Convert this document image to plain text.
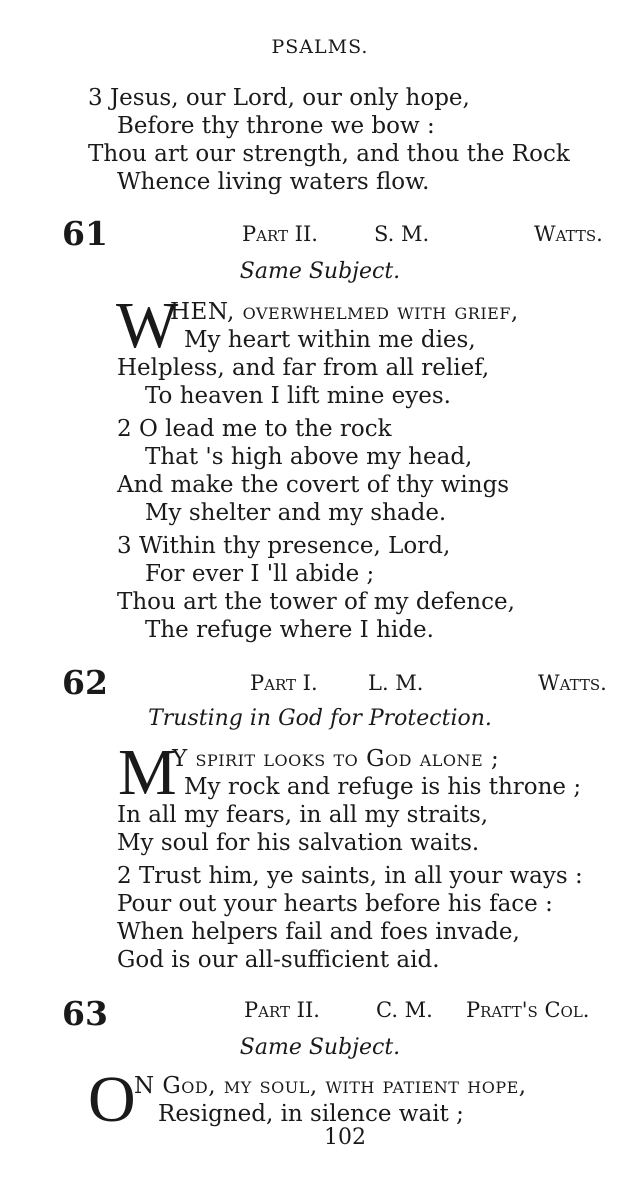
PSALMS.
3 Jesus, our Lord, our only hope,
Before thy throne we bow :
Thou art our strength, and thou the Rock
Whence living waters flow.
61	Part II.	S. M.	Watts.
Same Subject.
W
HEN, overwhelmed with grief,
My heart within me dies,
Helpless, and far from all relief,
To heaven I lift mine eyes.
2 O lead me to the rock
That 's high above my head,
And make the covert of thy wings
My shelter and my shade.
3 Within thy presence, Lord,
For ever I 'll abide ;
Thou art the tower of my defence,
The refuge where I hide.
62	Part I. L. M.	Watts.
Trusting in God for Protection.
M
Y spirit looks to God alone ;
My rock and refuge is his throne ;
In all my fears, in all my straits,
My soul for his salvation waits.
2 Trust him, ye saints, in all your ways :
Pour out your hearts before his face :
When helpers fail and foes invade,
God is our all-sufficient aid.
63	Part II.	C. M. Pratt's Col.
Same Subject.
O
N God, my soul, with patient hope,
Resigned, in silence wait ;
102
